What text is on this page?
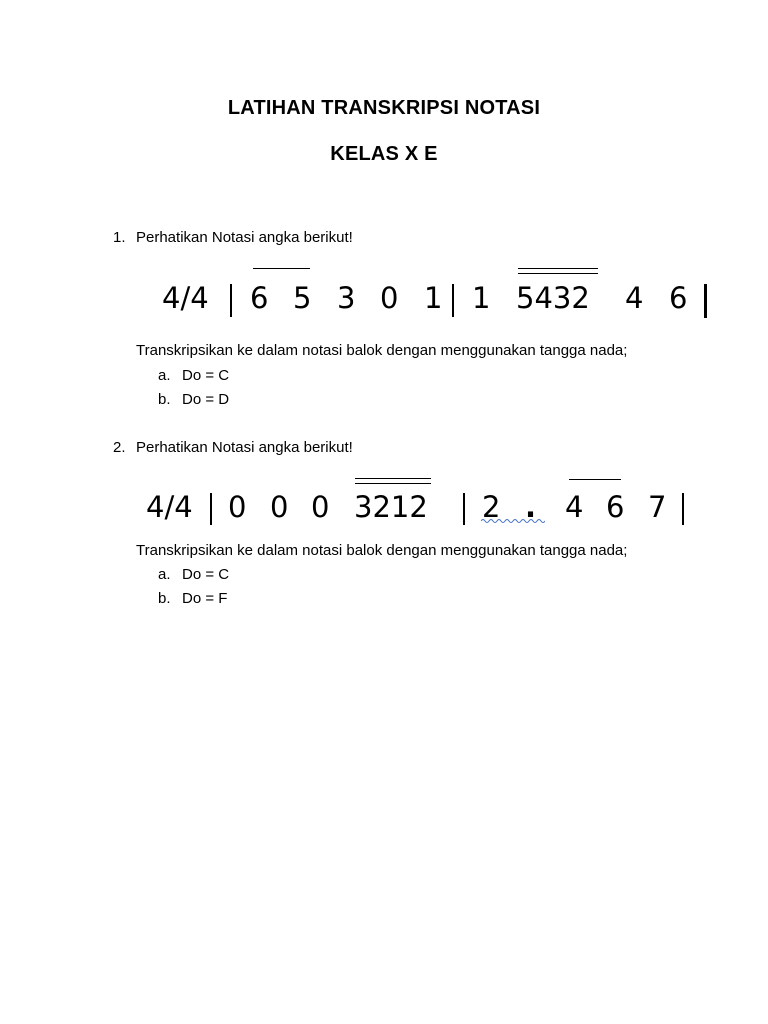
LATIHAN TRANSKRIPSI NOTASI
KELAS X E
1. Perhatikan Notasi angka berikut!
4/4 6 5 3 0 1 1 5432 4 6
Transkripsikan ke dalam notasi balok dengan menggunakan tangga nada;
a. Do = C
b. Do = D
2. Perhatikan Notasi angka berikut!
4/4 0 0 0 3212 2 . 4 6 7
Transkripsikan ke dalam notasi balok dengan menggunakan tangga nada;
a. Do = C
b. Do = F
